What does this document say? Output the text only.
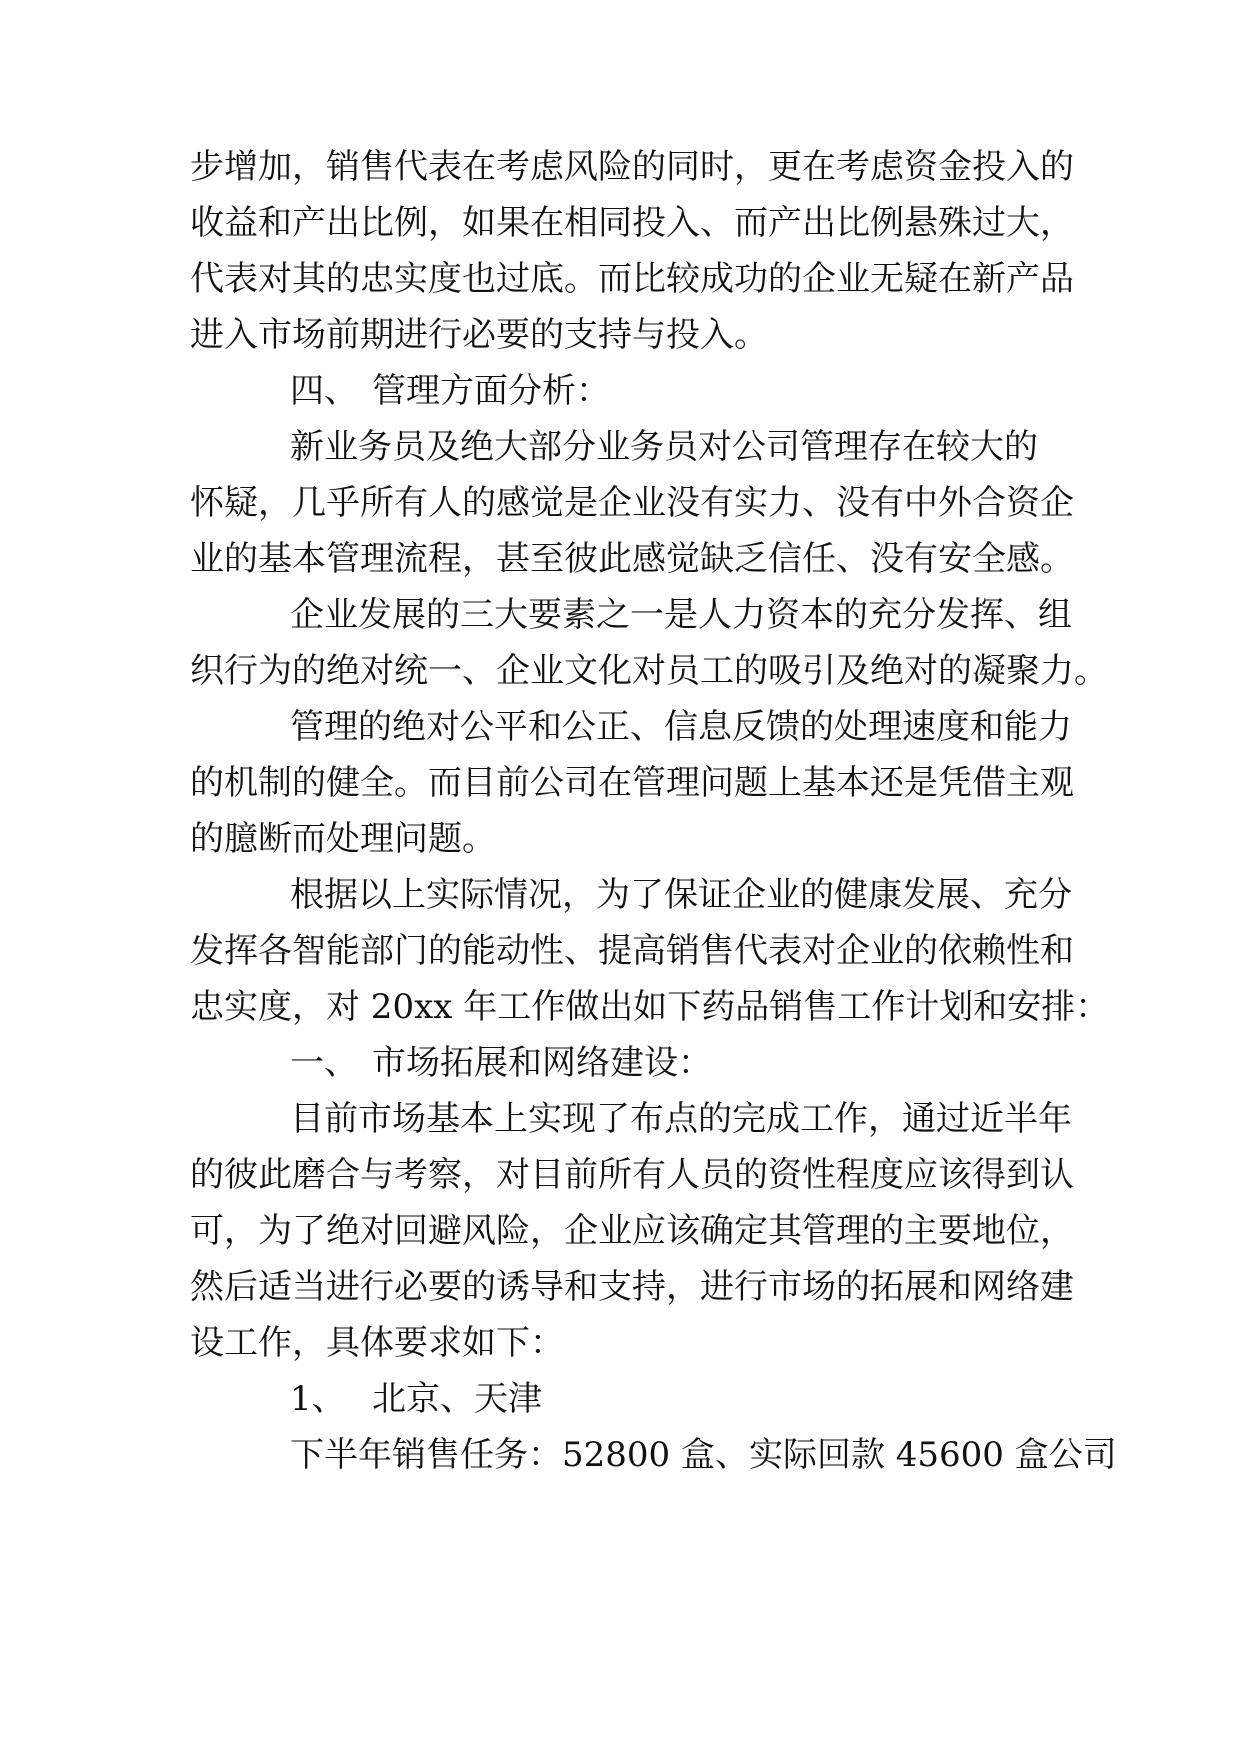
步增加，销售代表在考虑风险的同时，更在考虑资金投入的
收益和产出比例，如果在相同投入、而产出比例悬殊过大，
代表对其的忠实度也过底。而比较成功的企业无疑在新产品
进入市场前期进行必要的支持与投入。
四、 管理方面分析：
新业务员及绝大部分业务员对公司管理存在较大的
怀疑，几乎所有人的感觉是企业没有实力、没有中外合资企
业的基本管理流程，甚至彼此感觉缺乏信任、没有安全感。
企业发展的三大要素之一是人力资本的充分发挥、组
织行为的绝对统一、企业文化对员工的吸引及绝对的凝聚力。
管理的绝对公平和公正、信息反馈的处理速度和能力
的机制的健全。而目前公司在管理问题上基本还是凭借主观
的臆断而处理问题。
根据以上实际情况，为了保证企业的健康发展、充分
发挥各智能部门的能动性、提高销售代表对企业的依赖性和
忠实度，对 20xx 年工作做出如下药品销售工作计划和安排：
一、 市场拓展和网络建设：
目前市场基本上实现了布点的完成工作，通过近半年
的彼此磨合与考察，对目前所有人员的资性程度应该得到认
可，为了绝对回避风险，企业应该确定其管理的主要地位，
然后适当进行必要的诱导和支持，进行市场的拓展和网络建
设工作，具体要求如下：
1、 北京、天津
下半年销售任务：52800 盒、实际回款 45600 盒公司
